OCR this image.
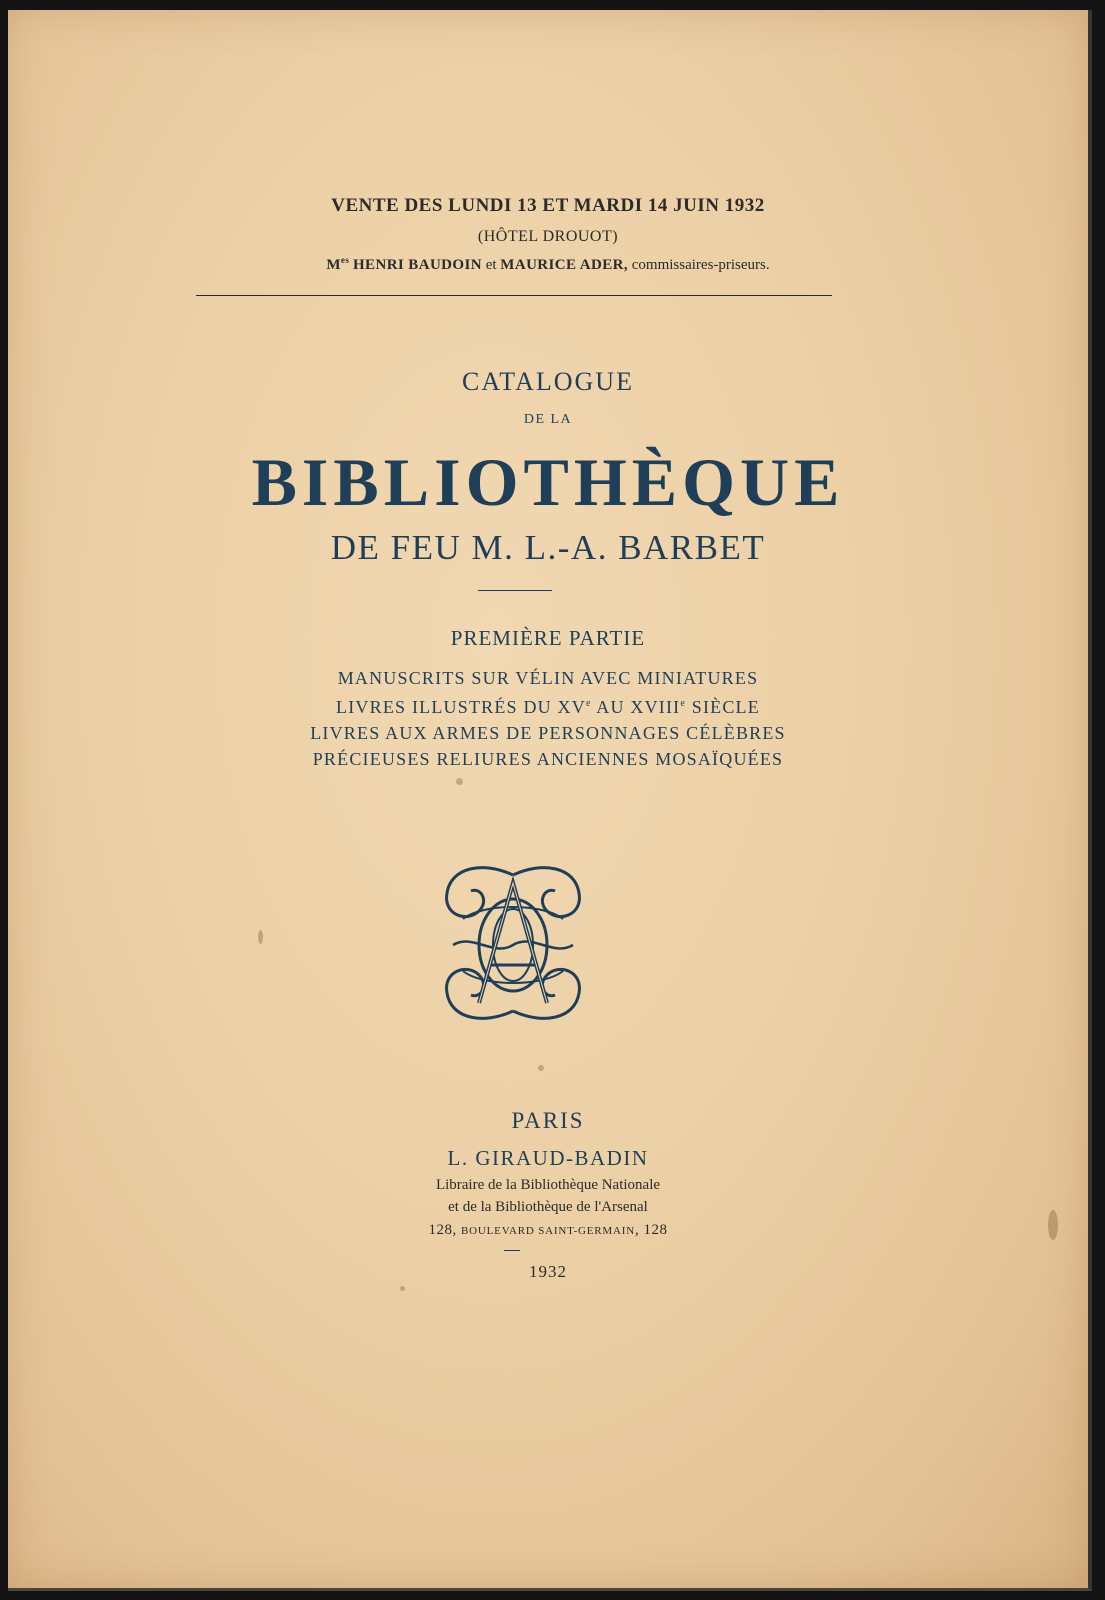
VENTE DES LUNDI 13 ET MARDI 14 JUIN 1932
(HÔTEL DROUOT)
$M^{es}$ HENRI BAUDOIN et MAURICE ADER, commissaires-priseurs.
CATALOGUE
DE LA
BIBLIOTHÈQUE
DE FEU M. L.-A. BARBET
PREMIÈRE PARTIE
MANUSCRITS SUR VÉLIN AVEC MINIATURES
LIVRES ILLUSTRÉS DU XVe AU XVIIIe SIÈCLE
LIVRES AUX ARMES DE PERSONNAGES CÉLÈBRES
PRÉCIEUSES RELIURES ANCIENNES MOSAÏQUÉES
PARIS
L. GIRAUD-BADIN
Libraire de la Bibliothèque Nationale
et de la Bibliothèque de l'Arsenal
128, BOULEVARD SAINT-GERMAIN, 128
1932
